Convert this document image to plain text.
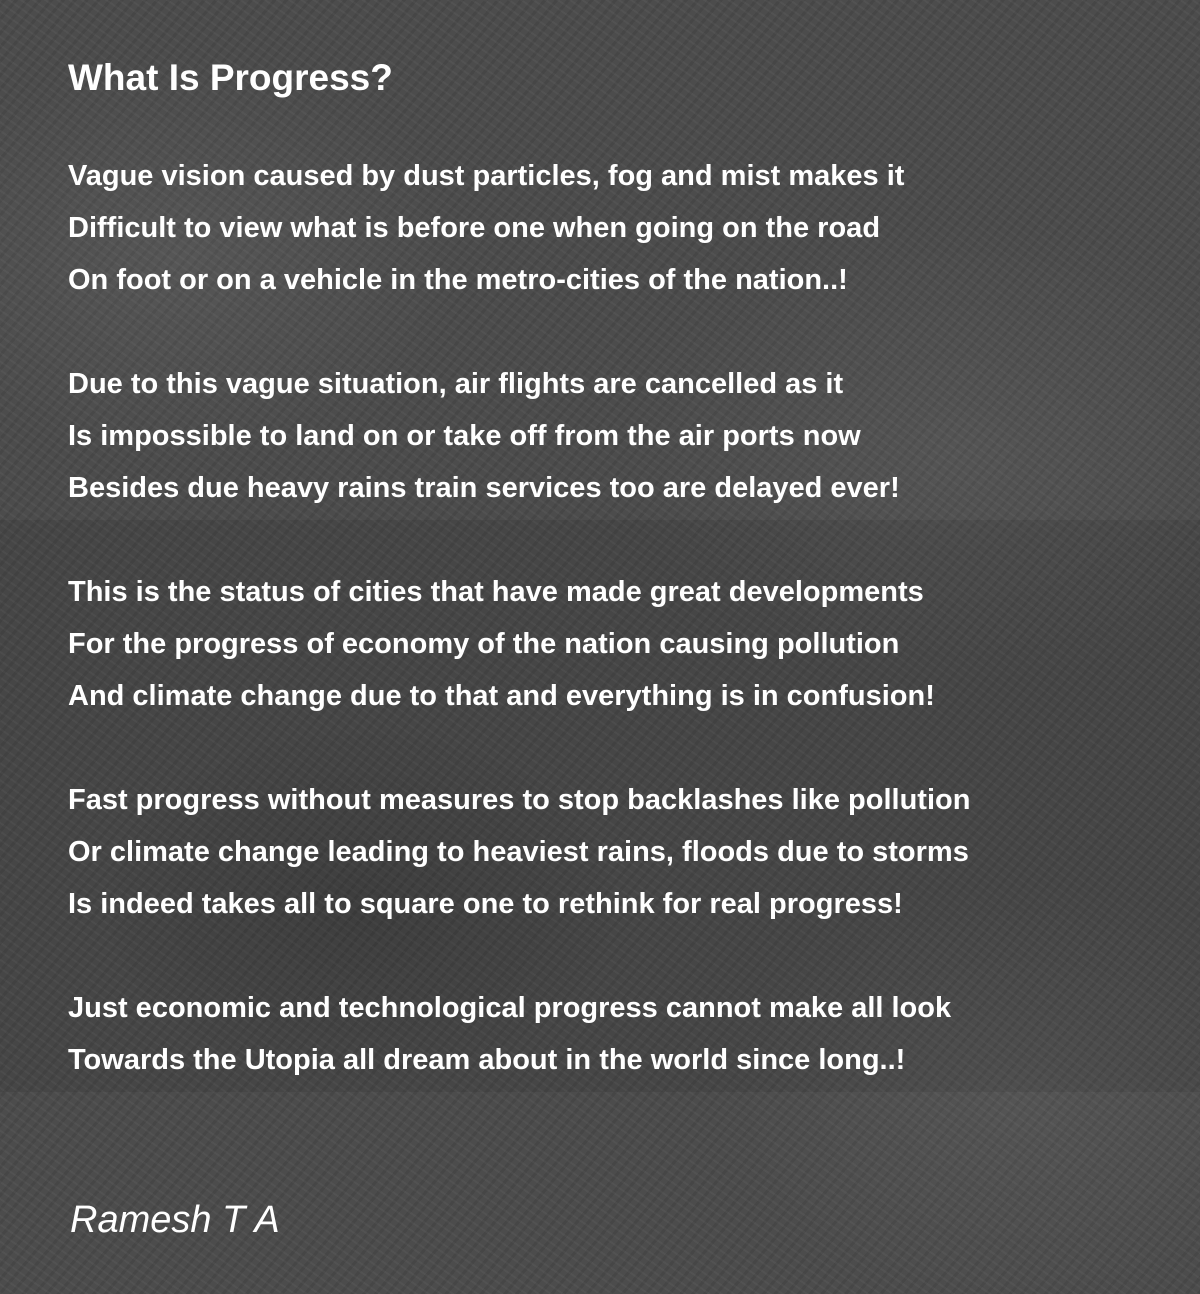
What Is Progress?
Vague vision caused by dust particles, fog and mist makes it
Difficult to view what is before one when going on the road
On foot or on a vehicle in the metro-cities of the nation..!
Due to this vague situation, air flights are cancelled as it
Is impossible to land on or take off from the air ports now
Besides due heavy rains train services too are delayed ever!
This is the status of cities that have made great developments
For the progress of economy of the nation causing pollution
And climate change due to that and everything is in confusion!
Fast progress without measures to stop backlashes like pollution
Or climate change leading to heaviest rains, floods due to storms
Is indeed takes all to square one to rethink for real progress!
Just economic and technological progress cannot make all look
Towards the Utopia all dream about in the world since long..!
Ramesh T A
